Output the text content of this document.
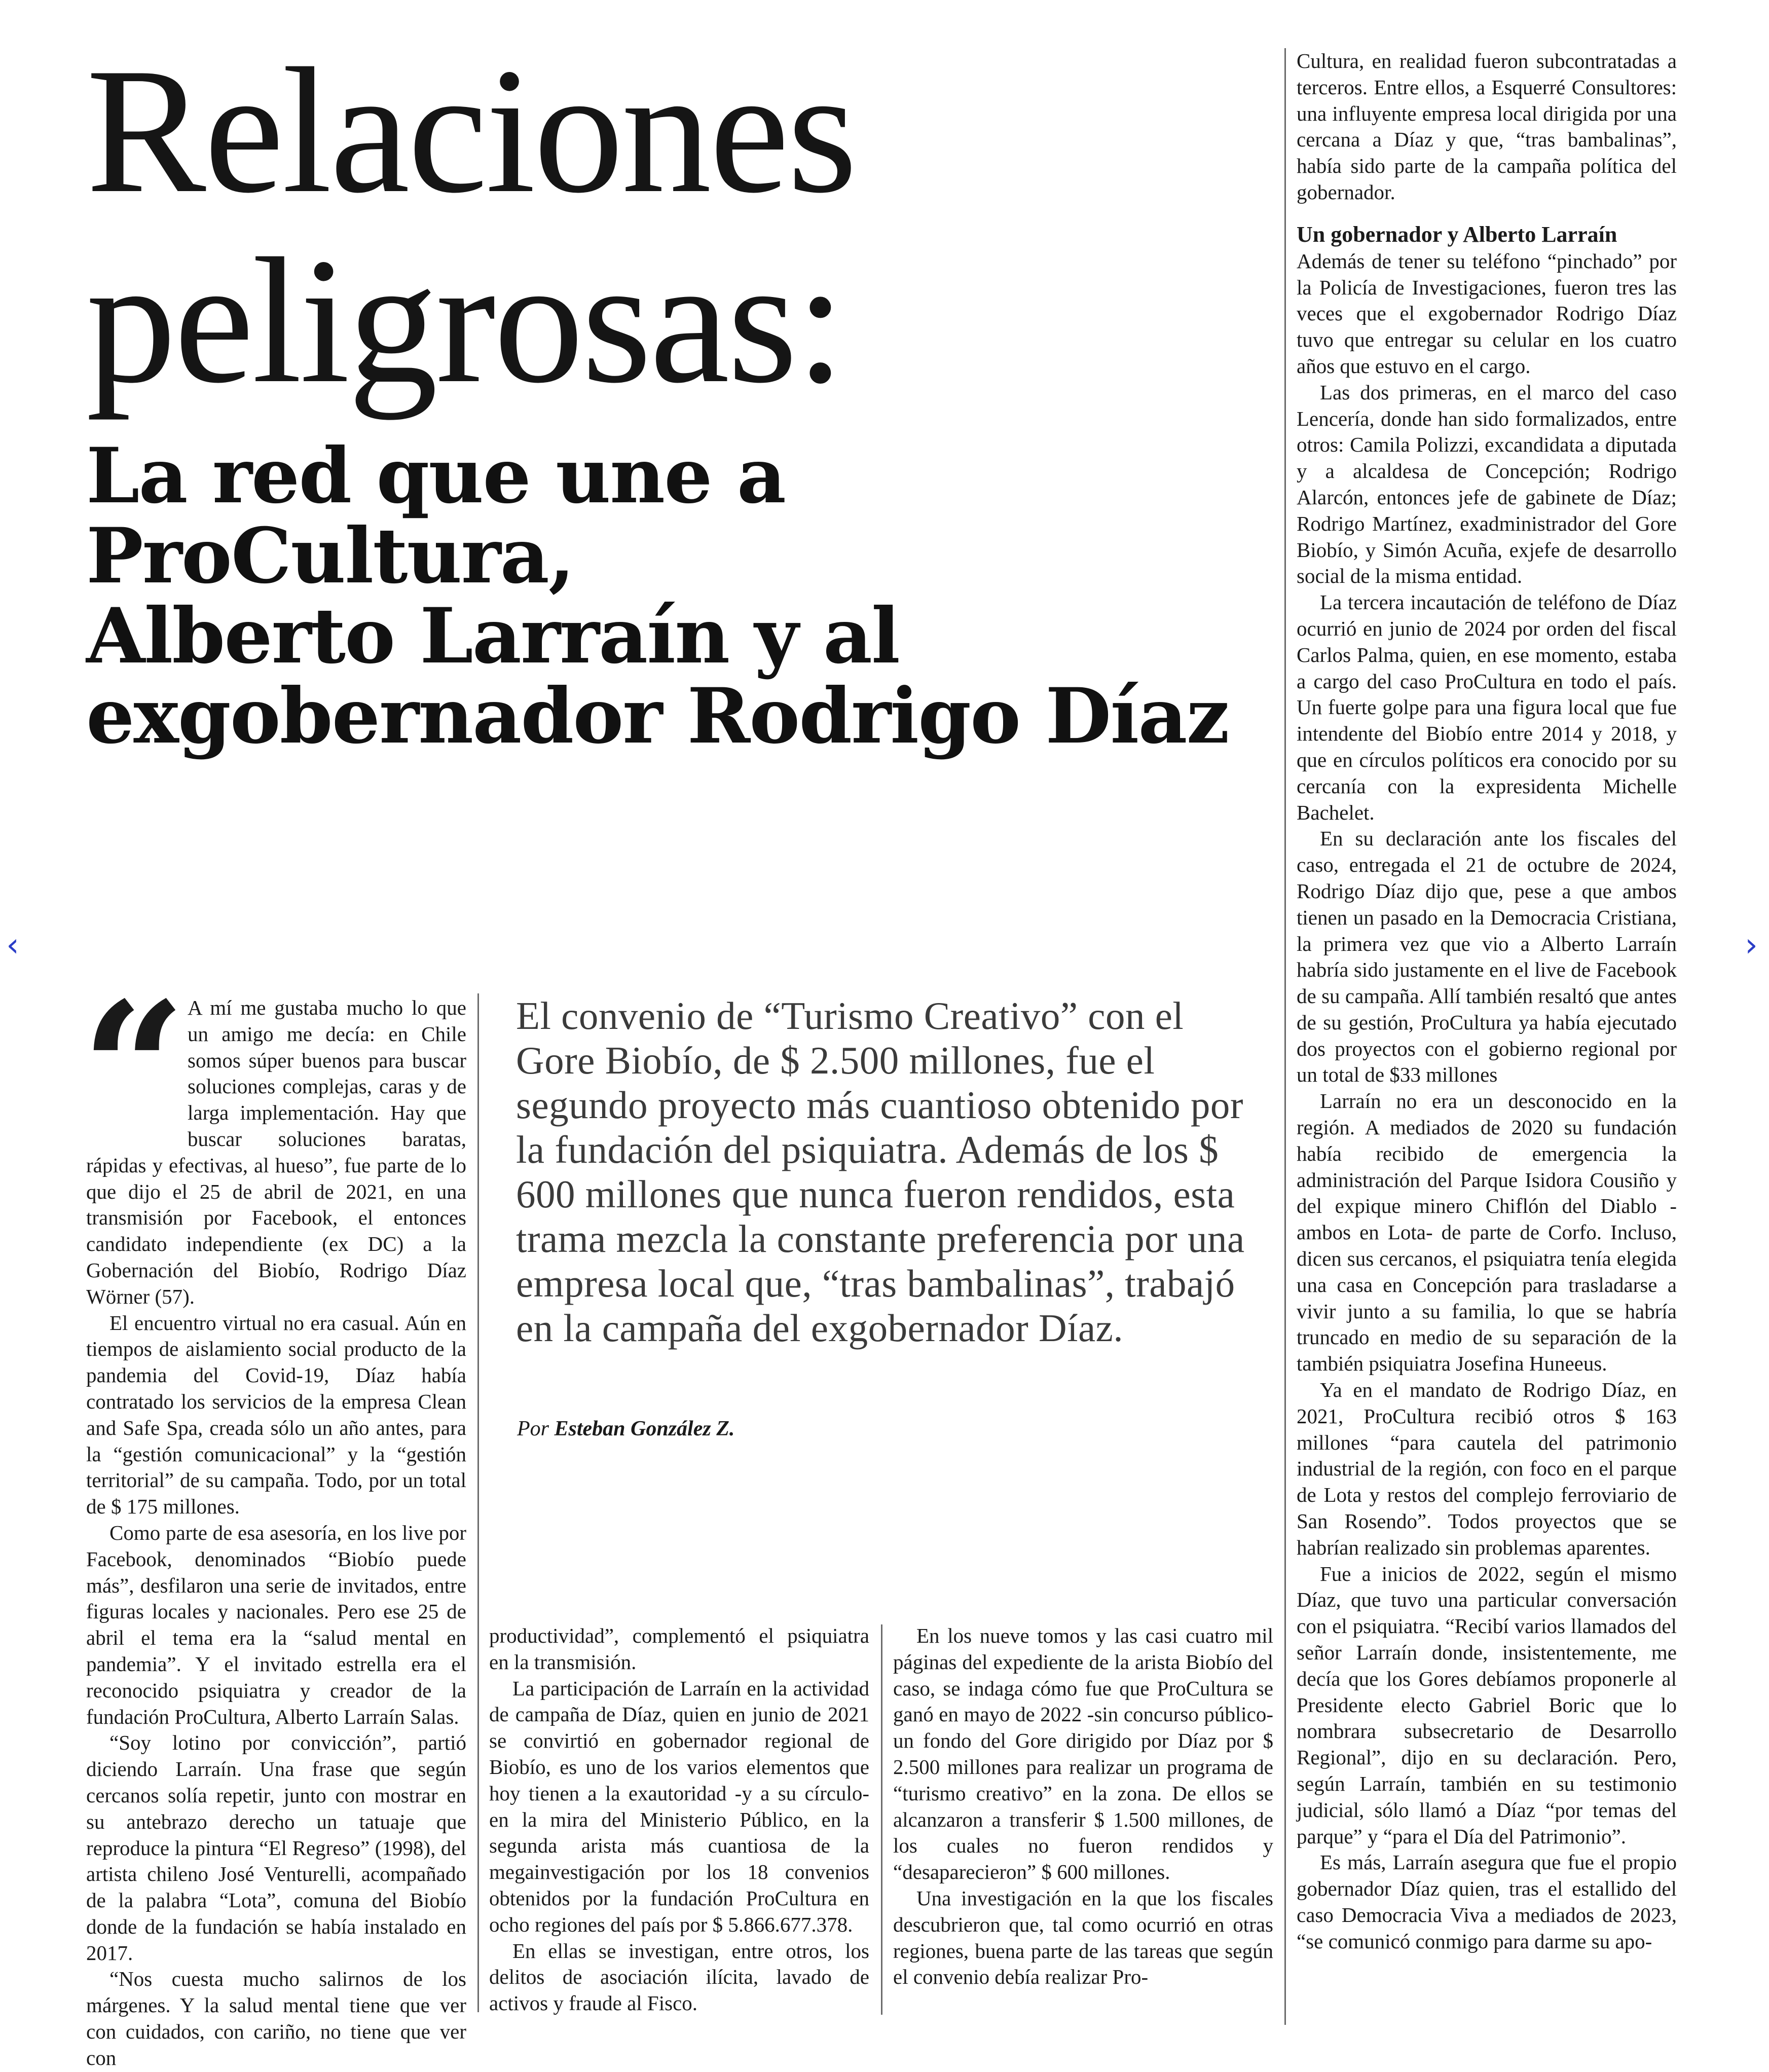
Relaciones
peligrosas:
La red que une a ProCultura,
Alberto Larraín y al
exgobernador Rodrigo Díaz
“ A mí me gustaba mucho lo que un amigo me decía: en Chile somos súper buenos para buscar soluciones complejas, caras y de larga implementación. Hay que buscar soluciones baratas, rápidas y efectivas, al hueso”, fue parte de lo que dijo el 25 de abril de 2021, en una transmisión por Facebook, el entonces candidato independiente (ex DC) a la Gobernación del Biobío, Rodrigo Díaz Wörner (57).

El encuentro virtual no era casual. Aún en tiempos de aislamiento social producto de la pandemia del Covid-19, Díaz había contratado los servicios de la empresa Clean and Safe Spa, creada sólo un año antes, para la “gestión comunicacional” y la “gestión territorial” de su campaña. Todo, por un total de $ 175 millones.

Como parte de esa asesoría, en los live por Facebook, denominados “Biobío puede más”, desfilaron una serie de invitados, entre figuras locales y nacionales. Pero ese 25 de abril el tema era la “salud mental en pandemia”. Y el invitado estrella era el reconocido psiquiatra y creador de la fundación ProCultura, Alberto Larraín Salas.

“Soy lotino por convicción”, partió diciendo Larraín. Una frase que según cercanos solía repetir, junto con mostrar en su antebrazo derecho un tatuaje que reproduce la pintura “El Regreso” (1998), del artista chileno José Venturelli, acompañado de la palabra “Lota”, comuna del Biobío donde de la fundación se había instalado en 2017.

“Nos cuesta mucho salirnos de los márgenes. Y la salud mental tiene que ver con cuidados, con cariño, no tiene que ver con

El convenio de “Turismo Creativo” con el Gore Biobío, de $ 2.500 millones, fue el segundo proyecto más cuantioso obtenido por la fundación del psiquiatra. Además de los $ 600 millones que nunca fueron rendidos, esta trama mezcla la constante preferencia por una empresa local que, “tras bambalinas”, trabajó en la campaña del exgobernador Díaz.

Por Esteban González Z.

productividad”, complementó el psiquiatra en la transmisión.

La participación de Larraín en la actividad de campaña de Díaz, quien en junio de 2021 se convirtió en gobernador regional de Biobío, es uno de los varios elementos que hoy tienen a la exautoridad -y a su círculo- en la mira del Ministerio Público, en la segunda arista más cuantiosa de la megainvestigación por los 18 convenios obtenidos por la fundación ProCultura en ocho regiones del país por $ 5.866.677.378.

En ellas se investigan, entre otros, los delitos de asociación ilícita, lavado de activos y fraude al Fisco.

En los nueve tomos y las casi cuatro mil páginas del expediente de la arista Biobío del caso, se indaga cómo fue que ProCultura se ganó en mayo de 2022 -sin concurso público- un fondo del Gore dirigido por Díaz por $ 2.500 millones para realizar un programa de “turismo creativo” en la zona. De ellos se alcanzaron a transferir $ 1.500 millones, de los cuales no fueron rendidos y “desaparecieron” $ 600 millones.

Una investigación en la que los fiscales descubrieron que, tal como ocurrió en otras regiones, buena parte de las tareas que según el convenio debía realizar Pro-

Cultura, en realidad fueron subcontratadas a terceros. Entre ellos, a Esquerré Consultores: una influyente empresa local dirigida por una cercana a Díaz y que, “tras bambalinas”, había sido parte de la campaña política del gobernador.

Un gobernador y Alberto Larraín

Además de tener su teléfono “pinchado” por la Policía de Investigaciones, fueron tres las veces que el exgobernador Rodrigo Díaz tuvo que entregar su celular en los cuatro años que estuvo en el cargo.

Las dos primeras, en el marco del caso Lencería, donde han sido formalizados, entre otros: Camila Polizzi, excandidata a diputada y a alcaldesa de Concepción; Rodrigo Alarcón, entonces jefe de gabinete de Díaz; Rodrigo Martínez, exadministrador del Gore Biobío, y Simón Acuña, exjefe de desarrollo social de la misma entidad.

La tercera incautación de teléfono de Díaz ocurrió en junio de 2024 por orden del fiscal Carlos Palma, quien, en ese momento, estaba a cargo del caso ProCultura en todo el país. Un fuerte golpe para una figura local que fue intendente del Biobío entre 2014 y 2018, y que en círculos políticos era conocido por su cercanía con la expresidenta Michelle Bachelet.

En su declaración ante los fiscales del caso, entregada el 21 de octubre de 2024, Rodrigo Díaz dijo que, pese a que ambos tienen un pasado en la Democracia Cristiana, la primera vez que vio a Alberto Larraín habría sido justamente en el live de Facebook de su campaña. Allí también resaltó que antes de su gestión, ProCultura ya había ejecutado dos proyectos con el gobierno regional por un total de $33 millones

Larraín no era un desconocido en la región. A mediados de 2020 su fundación había recibido de emergencia la administración del Parque Isidora Cousiño y del expique minero Chiflón del Diablo -ambos en Lota- de parte de Corfo. Incluso, dicen sus cercanos, el psiquiatra tenía elegida una casa en Concepción para trasladarse a vivir junto a su familia, lo que se habría truncado en medio de su separación de la también psiquiatra Josefina Huneeus.

Ya en el mandato de Rodrigo Díaz, en 2021, ProCultura recibió otros $ 163 millones “para cautela del patrimonio industrial de la región, con foco en el parque de Lota y restos del complejo ferroviario de San Rosendo”. Todos proyectos que se habrían realizado sin problemas aparentes.

Fue a inicios de 2022, según el mismo Díaz, que tuvo una particular conversación con el psiquiatra. “Recibí varios llamados del señor Larraín donde, insistentemente, me decía que los Gores debíamos proponerle al Presidente electo Gabriel Boric que lo nombrara subsecretario de Desarrollo Regional”, dijo en su declaración. Pero, según Larraín, también en su testimonio judicial, sólo llamó a Díaz “por temas del parque” y “para el Día del Patrimonio”.

Es más, Larraín asegura que fue el propio gobernador Díaz quien, tras el estallido del caso Democracia Viva a mediados de 2023, “se comunicó conmigo para darme su apo-

‹	›
